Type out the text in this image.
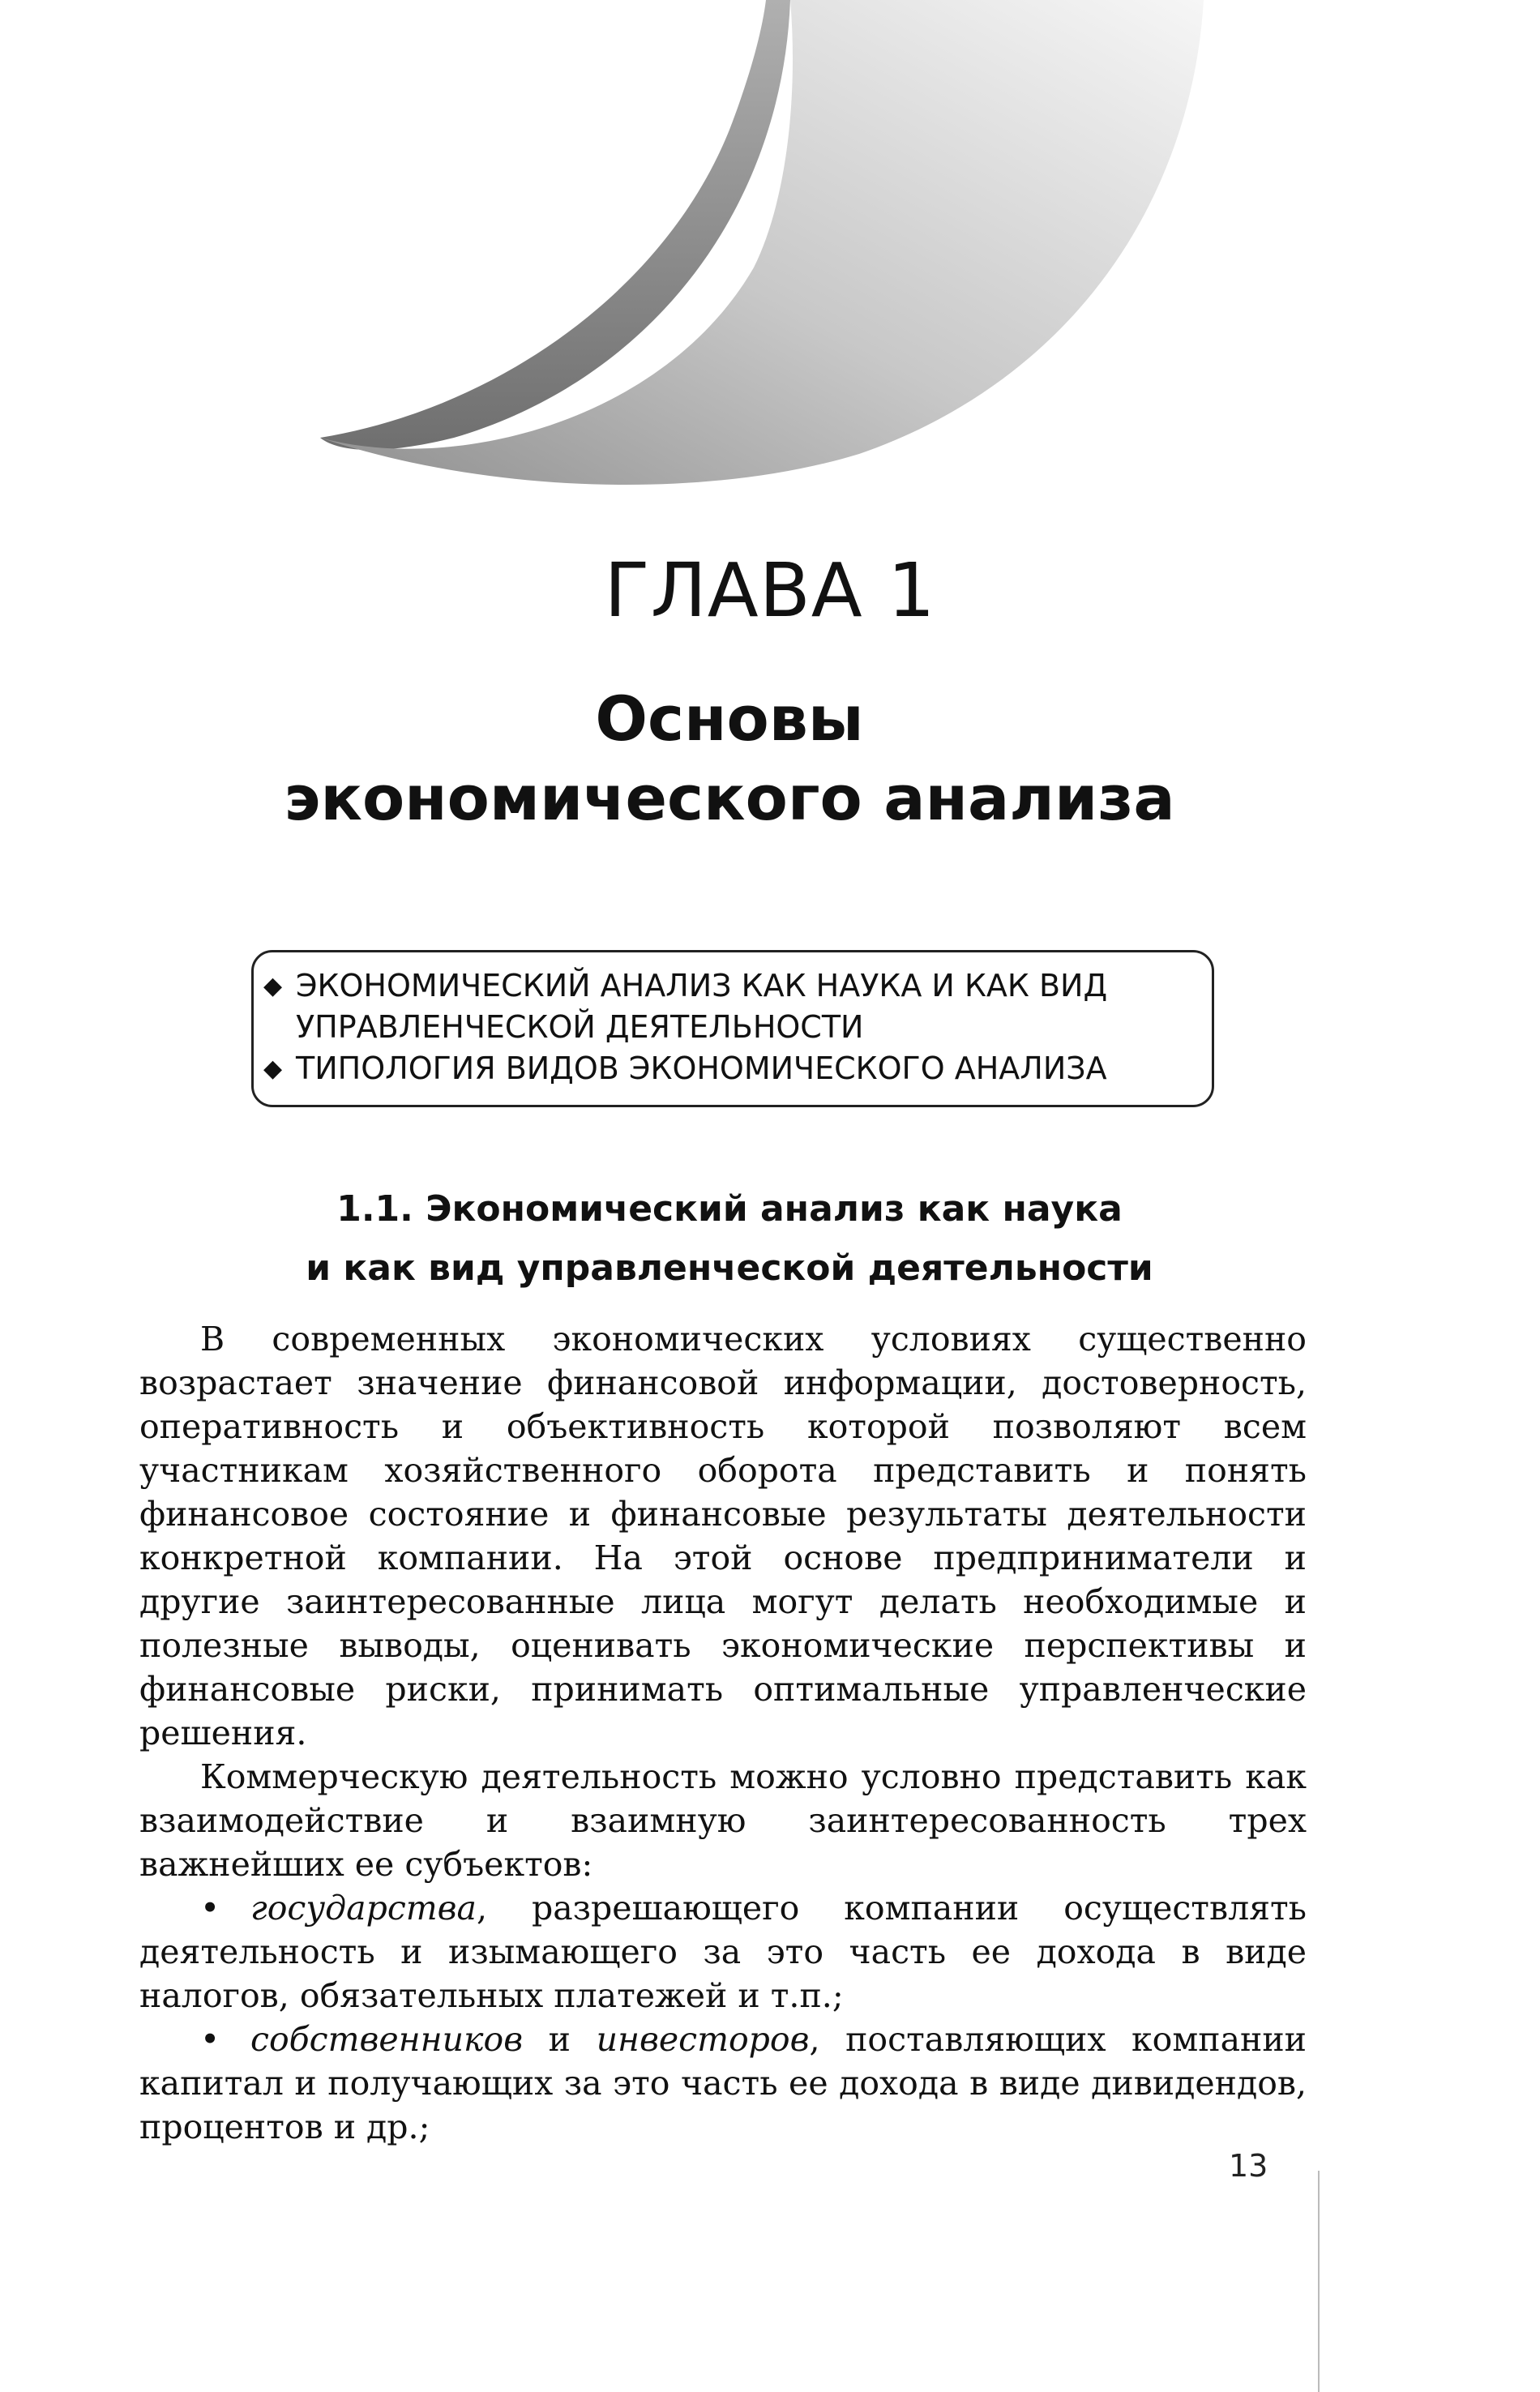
ГЛАВА 1
Основы
экономического анализа
◆ ЭКОНОМИЧЕСКИЙ АНАЛИЗ КАК НАУКА И КАК ВИД
УПРАВЛЕНЧЕСКОЙ ДЕЯТЕЛЬНОСТИ
◆ ТИПОЛОГИЯ ВИДОВ ЭКОНОМИЧЕСКОГО АНАЛИЗА
1.1. Экономический анализ как наука
и как вид управленческой деятельности

В современных экономических условиях существенно возрастает значение финансовой информации, достоверность, оперативность и объективность которой позволяют всем участникам хозяйственного оборота представить и понять финансовое состояние и финансовые результаты деятельности конкретной компании. На этой основе предприниматели и другие заинтересованные лица могут делать необходимые и полезные выводы, оценивать экономические перспективы и финансовые риски, принимать оптимальные управленческие решения.

Коммерческую деятельность можно условно представить как взаимодействие и взаимную заинтересованность трех важнейших ее субъектов:

• государства, разрешающего компании осуществлять деятельность и изымающего за это часть ее дохода в виде налогов, обязательных платежей и т.п.;

• собственников и инвесторов, поставляющих компании капитал и получающих за это часть ее дохода в виде дивидендов, процентов и др.;

13
